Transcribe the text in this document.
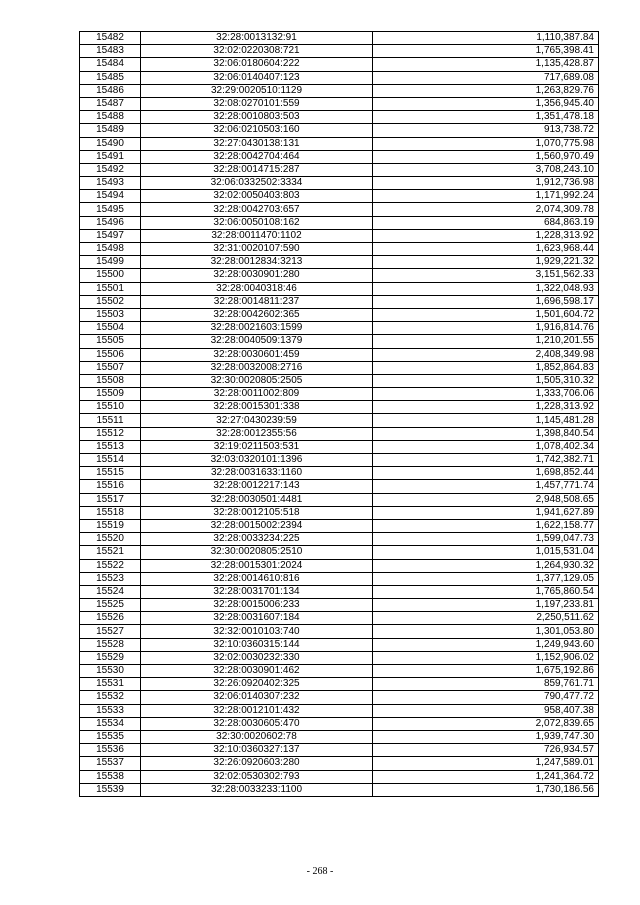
15482	32:28:0013132:91	1,110,387.84
15483	32:02:0220308:721	1,765,398.41
15484	32:06:0180604:222	1,135,428.87
15485	32:06:0140407:123	717,689.08
15486	32:29:0020510:1129	1,263,829.76
15487	32:08:0270101:559	1,356,945.40
15488	32:28:0010803:503	1,351,478.18
15489	32:06:0210503:160	913,738.72
15490	32:27:0430138:131	1,070,775.98
15491	32:28:0042704:464	1,560,970.49
15492	32:28:0014715:287	3,708,243.10
15493	32:06:0332502:3334	1,912,736.98
15494	32:02:0050403:803	1,171,992.24
15495	32:28:0042703:657	2,074,309.78
15496	32:06:0050108:162	684,863.19
15497	32:28:0011470:1102	1,228,313.92
15498	32:31:0020107:590	1,623,968.44
15499	32:28:0012834:3213	1,929,221.32
15500	32:28:0030901:280	3,151,562.33
15501	32:28:0040318:46	1,322,048.93
15502	32:28:0014811:237	1,696,598.17
15503	32:28:0042602:365	1,501,604.72
15504	32:28:0021603:1599	1,916,814.76
15505	32:28:0040509:1379	1,210,201.55
15506	32:28:0030601:459	2,408,349.98
15507	32:28:0032008:2716	1,852,864.83
15508	32:30:0020805:2505	1,505,310.32
15509	32:28:0011002:809	1,333,706.06
15510	32:28:0015301:338	1,228,313.92
15511	32:27:0430239:59	1,145,481.28
15512	32:28:0012355:56	1,398,840.54
15513	32:19:0211503:531	1,078,402.34
15514	32:03:0320101:1396	1,742,382.71
15515	32:28:0031633:1160	1,698,852.44
15516	32:28:0012217:143	1,457,771.74
15517	32:28:0030501:4481	2,948,508.65
15518	32:28:0012105:518	1,941,627.89
15519	32:28:0015002:2394	1,622,158.77
15520	32:28:0033234:225	1,599,047.73
15521	32:30:0020805:2510	1,015,531.04
15522	32:28:0015301:2024	1,264,930.32
15523	32:28:0014610:816	1,377,129.05
15524	32:28:0031701:134	1,765,860.54
15525	32:28:0015006:233	1,197,233.81
15526	32:28:0031607:184	2,250,511.62
15527	32:32:0010103:740	1,301,053.80
15528	32:10:0360315:144	1,249,943.60
15529	32:02:0030232:330	1,152,906.02
15530	32:28:0030901:462	1,675,192.86
15531	32:26:0920402:325	859,761.71
15532	32:06:0140307:232	790,477.72
15533	32:28:0012101:432	958,407.38
15534	32:28:0030605:470	2,072,839.65
15535	32:30:0020602:78	1,939,747.30
15536	32:10:0360327:137	726,934.57
15537	32:26:0920603:280	1,247,589.01
15538	32:02:0530302:793	1,241,364.72
15539	32:28:0033233:1100	1,730,186.56
- 268 -
